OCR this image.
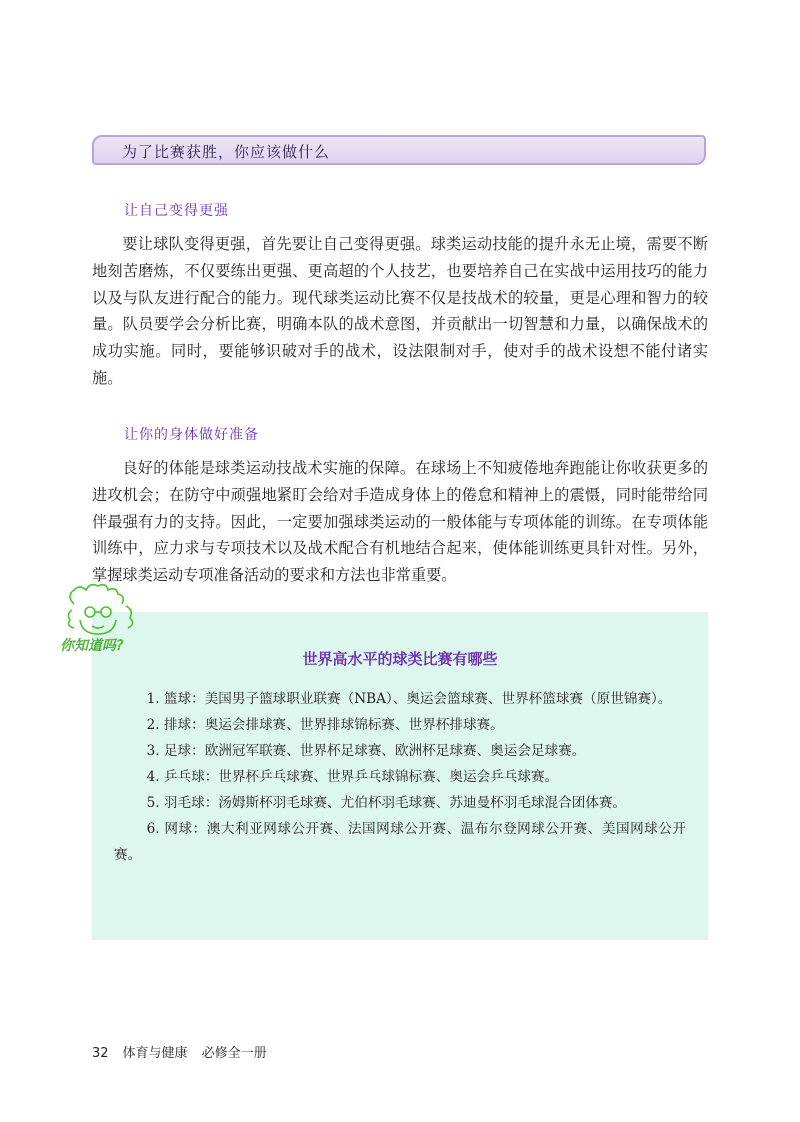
为了比赛获胜，你应该做什么
让自己变得更强

要让球队变得更强，首先要让自己变得更强。球类运动技能的提升永无止境，需要不断地刻苦磨炼，不仅要练出更强、更高超的个人技艺，也要培养自己在实战中运用技巧的能力以及与队友进行配合的能力。现代球类运动比赛不仅是技战术的较量，更是心理和智力的较量。队员要学会分析比赛，明确本队的战术意图，并贡献出一切智慧和力量，以确保战术的成功实施。同时，要能够识破对手的战术，设法限制对手，使对手的战术设想不能付诸实施。

让你的身体做好准备

良好的体能是球类运动技战术实施的保障。在球场上不知疲倦地奔跑能让你收获更多的进攻机会；在防守中顽强地紧盯会给对手造成身体上的倦怠和精神上的震慑，同时能带给同伴最强有力的支持。因此，一定要加强球类运动的一般体能与专项体能的训练。在专项体能训练中，应力求与专项技术以及战术配合有机地结合起来，使体能训练更具针对性。另外，掌握球类运动专项准备活动的要求和方法也非常重要。

世界高水平的球类比赛有哪些
1. 篮球：美国男子篮球职业联赛（NBA）、奥运会篮球赛、世界杯篮球赛（原世锦赛）。
2. 排球：奥运会排球赛、世界排球锦标赛、世界杯排球赛。
3. 足球：欧洲冠军联赛、世界杯足球赛、欧洲杯足球赛、奥运会足球赛。
4. 乒乓球：世界杯乒乓球赛、世界乒乓球锦标赛、奥运会乒乓球赛。
5. 羽毛球：汤姆斯杯羽毛球赛、尤伯杯羽毛球赛、苏迪曼杯羽毛球混合团体赛。
6. 网球：澳大利亚网球公开赛、法国网球公开赛、温布尔登网球公开赛、美国网球公开赛。
你知道吗?
32 体育与健康 必修全一册
